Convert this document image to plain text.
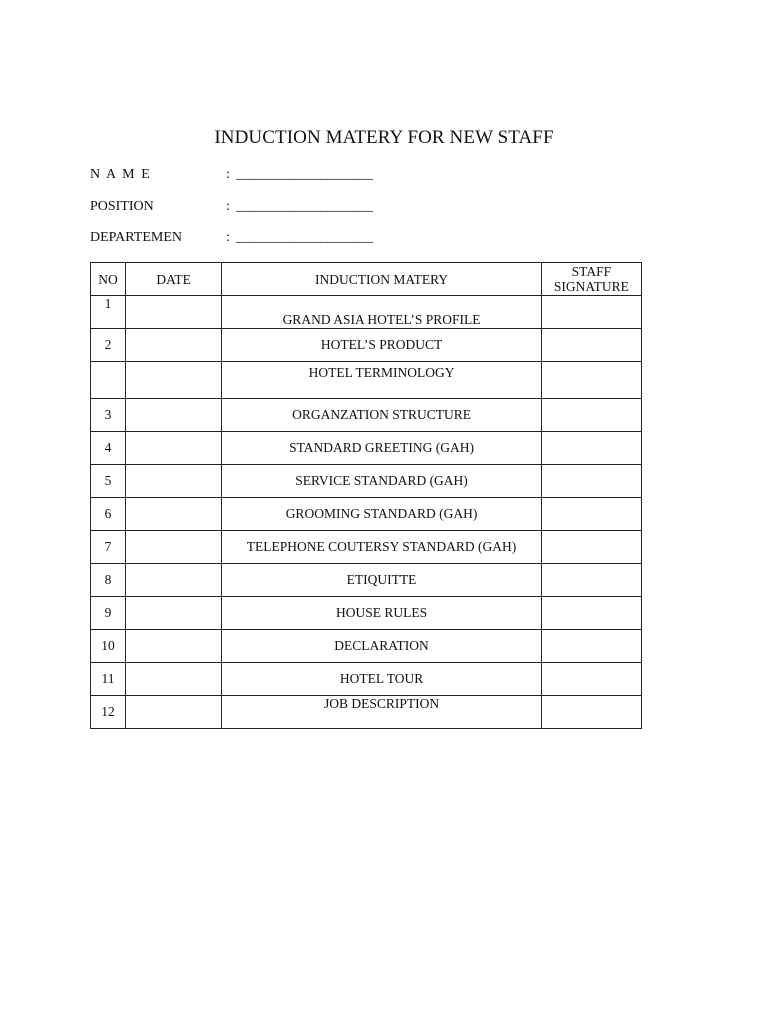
INDUCTION MATERY FOR NEW STAFF
N A M E	: _____________________
POSITION	: _____________________
DEPARTEMEN	: _____________________
NO	DATE	INDUCTION MATERY	STAFF
SIGNATURE

1		GRAND ASIA HOTEL’S PROFILE	
2		HOTEL’S PRODUCT	
		HOTEL TERMINOLOGY	
3		ORGANZATION STRUCTURE	
4		STANDARD GREETING (GAH)	
5		SERVICE STANDARD (GAH)	
6		GROOMING STANDARD (GAH)	
7		TELEPHONE COUTERSY STANDARD (GAH)	
8		ETIQUITTE	
9		HOUSE RULES	
10		DECLARATION	
11		HOTEL TOUR	
12		JOB DESCRIPTION	
